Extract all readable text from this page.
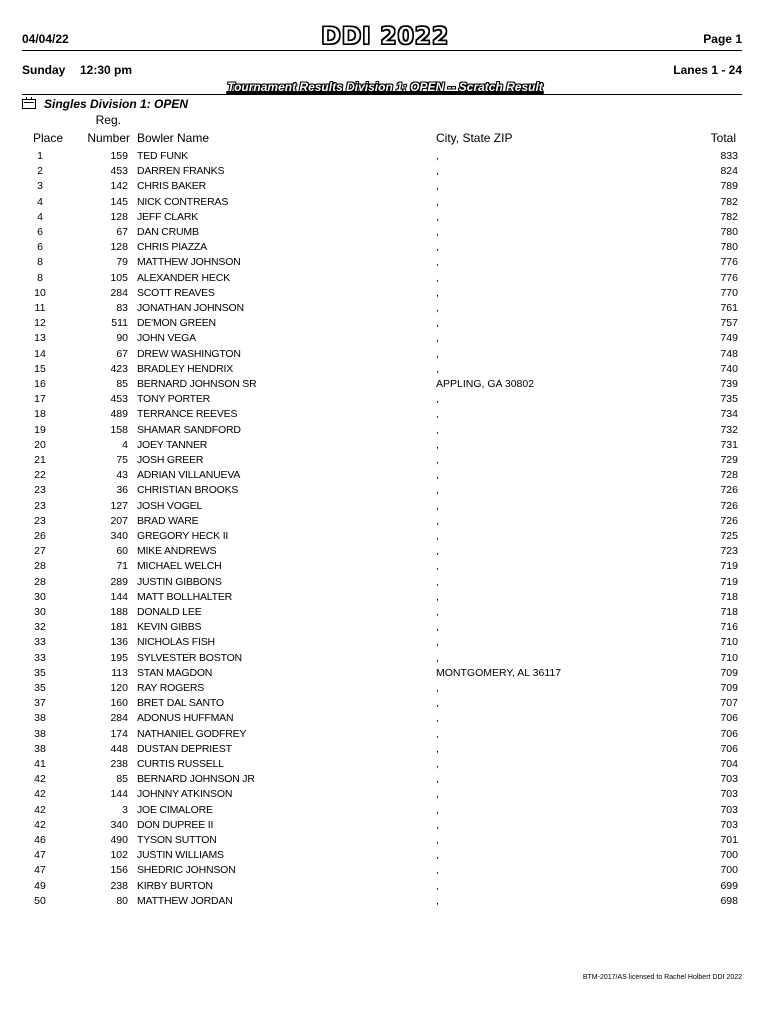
04/04/22	DDI 2022	Page 1
Sunday 12:30 pm	Lanes 1 - 24
Tournament Results Division 1: OPEN -- Scratch Result
Singles Division 1: OPEN
Reg.
Place	Number Bowler Name	City, State ZIP	Total
1	159 TED FUNK	,	833
2	453 DARREN FRANKS	,	824
3	142 CHRIS BAKER	,	789
4	145 NICK CONTRERAS	,	782
4	128 JEFF CLARK	,	782
6	67 DAN CRUMB	,	780
6	128 CHRIS PIAZZA	,	780
8	79 MATTHEW JOHNSON	,	776
8	105 ALEXANDER HECK	,	776
10	284 SCOTT REAVES	,	770
11	83 JONATHAN JOHNSON	,	761
12	511 DE'MON GREEN	,	757
13	90 JOHN VEGA	,	749
14	67 DREW WASHINGTON	,	748
15	423 BRADLEY HENDRIX	,	740
16	85 BERNARD JOHNSON SR	APPLING, GA 30802	739
17	453 TONY PORTER	,	735
18	489 TERRANCE REEVES	,	734
19	158 SHAMAR SANDFORD	,	732
20	4 JOEY TANNER	,	731
21	75 JOSH GREER	,	729
22	43 ADRIAN VILLANUEVA	,	728
23	36 CHRISTIAN BROOKS	,	726
23	127 JOSH VOGEL	,	726
23	207 BRAD WARE	,	726
26	340 GREGORY HECK II	,	725
27	60 MIKE ANDREWS	,	723
28	71 MICHAEL WELCH	,	719
28	289 JUSTIN GIBBONS	,	719
30	144 MATT BOLLHALTER	,	718
30	188 DONALD LEE	,	718
32	181 KEVIN GIBBS	,	716
33	136 NICHOLAS FISH	,	710
33	195 SYLVESTER BOSTON	,	710
35	113 STAN MAGDON	MONTGOMERY, AL 36117	709
35	120 RAY ROGERS	,	709
37	160 BRET DAL SANTO	,	707
38	284 ADONUS HUFFMAN	,	706
38	174 NATHANIEL GODFREY	,	706
38	448 DUSTAN DEPRIEST	,	706
41	238 CURTIS RUSSELL	,	704
42	85 BERNARD JOHNSON JR	,	703
42	144 JOHNNY ATKINSON	,	703
42	3 JOE CIMALORE	,	703
42	340 DON DUPREE II	,	703
46	490 TYSON SUTTON	,	701
47	102 JUSTIN WILLIAMS	,	700
47	156 SHEDRIC JOHNSON	,	700
49	238 KIRBY BURTON	,	699
50	80 MATTHEW JORDAN	,	698
BTM-2017/AS licensed to Rachel Holbert DDI 2022
